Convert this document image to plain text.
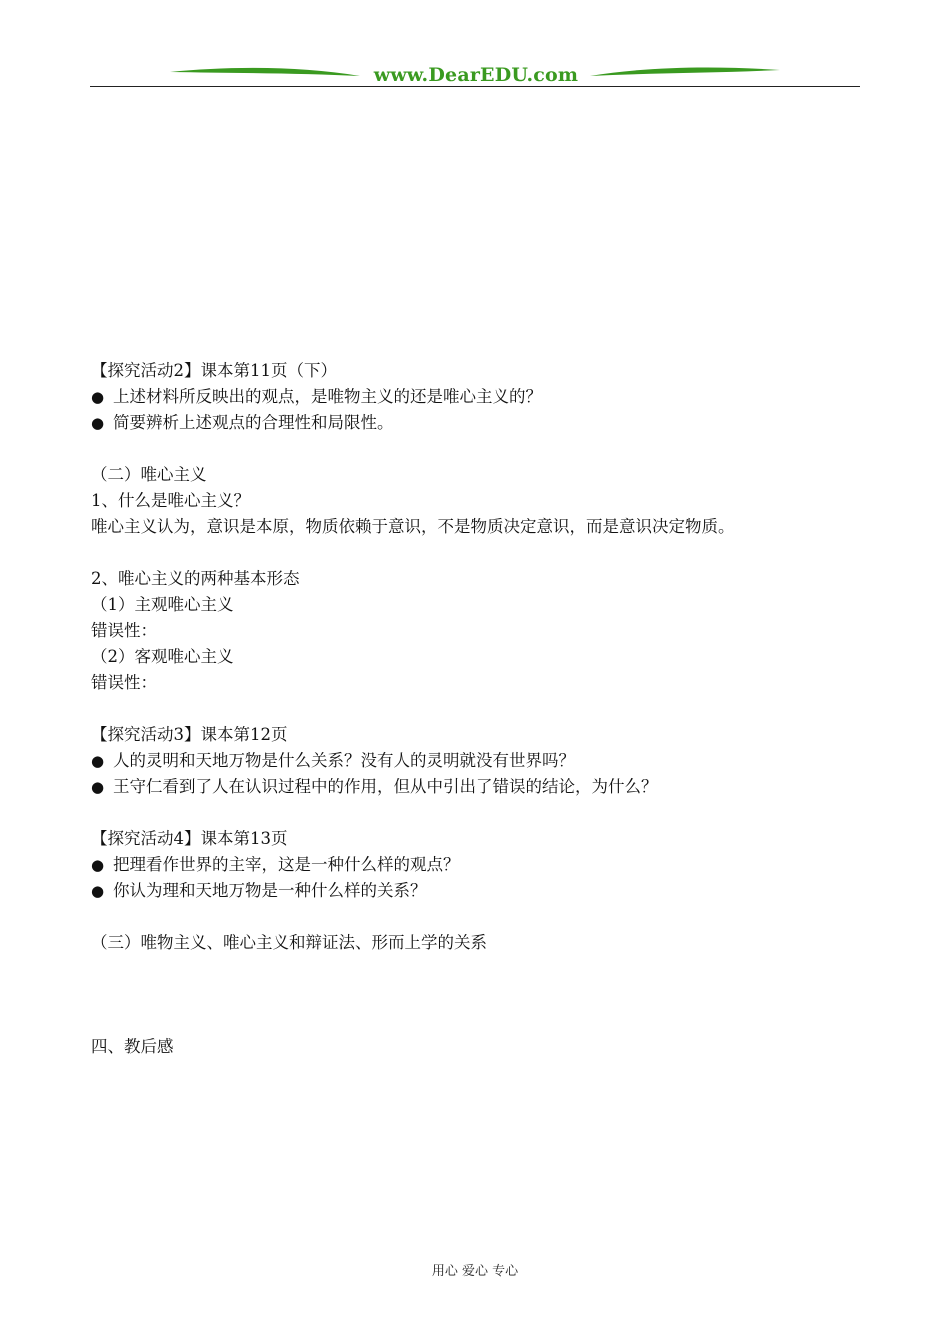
www.DearEDU.com
【探究活动2】课本第11页（下）
● 上述材料所反映出的观点，是唯物主义的还是唯心主义的？
● 简要辨析上述观点的合理性和局限性。
（二）唯心主义
1、什么是唯心主义？
唯心主义认为，意识是本原，物质依赖于意识，不是物质决定意识，而是意识决定物质。
2、唯心主义的两种基本形态
（1）主观唯心主义
错误性：
（2）客观唯心主义
错误性：
【探究活动3】课本第12页
● 人的灵明和天地万物是什么关系？没有人的灵明就没有世界吗？
● 王守仁看到了人在认识过程中的作用，但从中引出了错误的结论，为什么？
【探究活动4】课本第13页
● 把理看作世界的主宰，这是一种什么样的观点？
● 你认为理和天地万物是一种什么样的关系？
（三）唯物主义、唯心主义和辩证法、形而上学的关系
四、教后感
用心 爱心 专心
